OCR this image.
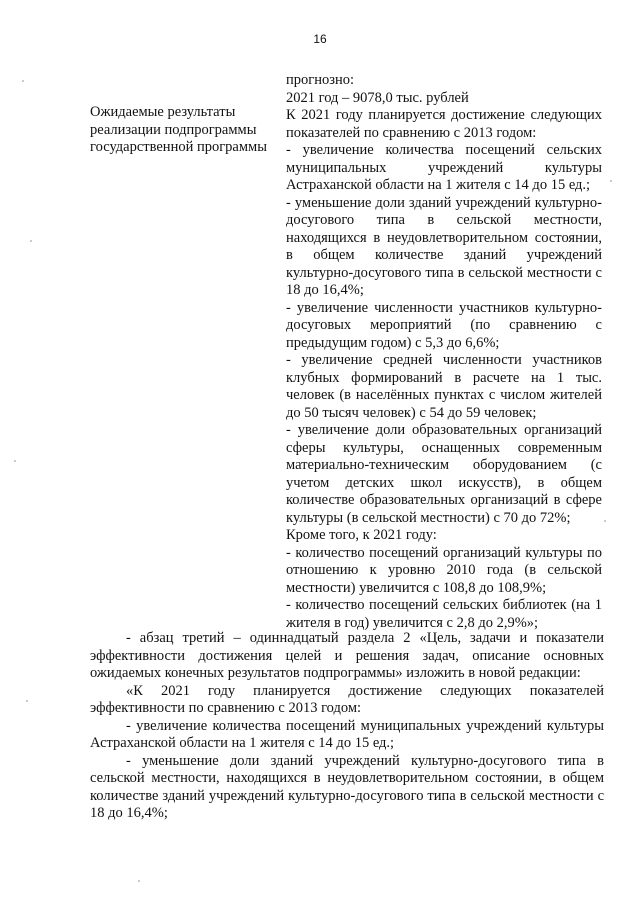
16
Ожидаемые результаты реализации подпрограммы государственной программы
прогнозно:
2021 год – 9078,0 тыс. рублей
К 2021 году планируется достижение следующих показателей по сравнению с 2013 годом:
- увеличение количества посещений сельских муниципальных учреждений культуры Астраханской области на 1 жителя с 14 до 15 ед.;
- уменьшение доли зданий учреждений культурно-досугового типа в сельской местности, находящихся в неудовлетворительном состоянии, в общем количестве зданий учреждений культурно-досугового типа в сельской местности с 18 до 16,4%;
- увеличение численности участников культурно-досуговых мероприятий (по сравнению с предыдущим годом) с 5,3 до 6,6%;
- увеличение средней численности участников клубных формирований в расчете на 1 тыс. человек (в населённых пунктах с числом жителей до 50 тысяч человек) с 54 до 59 человек;
- увеличение доли образовательных организаций сферы культуры, оснащенных современным материально-техническим оборудованием (с учетом детских школ искусств), в общем количестве образовательных организаций в сфере культуры (в сельской местности) с 70 до 72%;
Кроме того, к 2021 году:
- количество посещений организаций культуры по отношению к уровню 2010 года (в сельской местности) увеличится с 108,8 до 108,9%;
- количество посещений сельских библиотек (на 1 жителя в год) увеличится с 2,8 до 2,9%»;

- абзац третий – одиннадцатый раздела 2 «Цель, задачи и показатели эффективности достижения целей и решения задач, описание основных ожидаемых конечных результатов подпрограммы» изложить в новой редакции:

«К 2021 году планируется достижение следующих показателей эффективности по сравнению с 2013 годом:

- увеличение количества посещений муниципальных учреждений культуры Астраханской области на 1 жителя с 14 до 15 ед.;

- уменьшение доли зданий учреждений культурно-досугового типа в сельской местности, находящихся в неудовлетворительном состоянии, в общем количестве зданий учреждений культурно-досугового типа в сельской местности с 18 до 16,4%;
